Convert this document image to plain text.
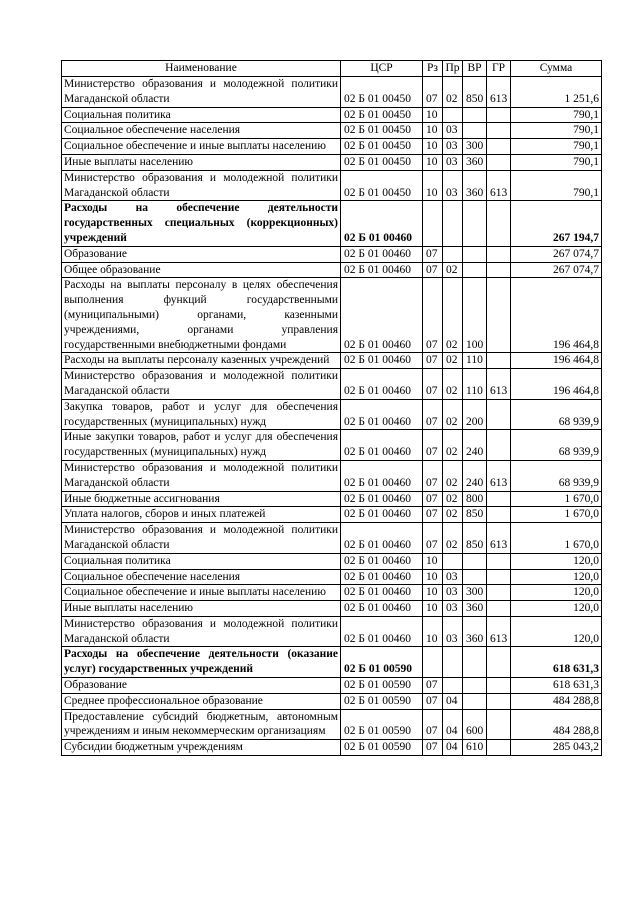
Наименование	ЦСР	Рз	Пр	ВР	ГР	Сумма
Министерство образования и молодежной политики Магаданской области	02 Б 01 00450	07	02	850	613	1 251,6
Социальная политика	02 Б 01 00450	10				790,1
Социальное обеспечение населения	02 Б 01 00450	10	03			790,1
Социальное обеспечение и иные выплаты населению	02 Б 01 00450	10	03	300		790,1
Иные выплаты населению	02 Б 01 00450	10	03	360		790,1
Министерство образования и молодежной политики Магаданской области	02 Б 01 00450	10	03	360	613	790,1
Расходы на обеспечение деятельности государственных специальных (коррекционных) учреждений	02 Б 01 00460					267 194,7
Образование	02 Б 01 00460	07				267 074,7
Общее образование	02 Б 01 00460	07	02			267 074,7
Расходы на выплаты персоналу в целях обеспечения выполнения функций государственными (муниципальными) органами, казенными учреждениями, органами управления государственными внебюджетными фондами	02 Б 01 00460	07	02	100		196 464,8
Расходы на выплаты персоналу казенных учреждений	02 Б 01 00460	07	02	110		196 464,8
Министерство образования и молодежной политики Магаданской области	02 Б 01 00460	07	02	110	613	196 464,8
Закупка товаров, работ и услуг для обеспечения государственных (муниципальных) нужд	02 Б 01 00460	07	02	200		68 939,9
Иные закупки товаров, работ и услуг для обеспечения государственных (муниципальных) нужд	02 Б 01 00460	07	02	240		68 939,9
Министерство образования и молодежной политики Магаданской области	02 Б 01 00460	07	02	240	613	68 939,9
Иные бюджетные ассигнования	02 Б 01 00460	07	02	800		1 670,0
Уплата налогов, сборов и иных платежей	02 Б 01 00460	07	02	850		1 670,0
Министерство образования и молодежной политики Магаданской области	02 Б 01 00460	07	02	850	613	1 670,0
Социальная политика	02 Б 01 00460	10				120,0
Социальное обеспечение населения	02 Б 01 00460	10	03			120,0
Социальное обеспечение и иные выплаты населению	02 Б 01 00460	10	03	300		120,0
Иные выплаты населению	02 Б 01 00460	10	03	360		120,0
Министерство образования и молодежной политики Магаданской области	02 Б 01 00460	10	03	360	613	120,0
Расходы на обеспечение деятельности (оказание услуг) государственных учреждений	02 Б 01 00590					618 631,3
Образование	02 Б 01 00590	07				618 631,3
Среднее профессиональное образование	02 Б 01 00590	07	04			484 288,8
Предоставление субсидий бюджетным, автономным учреждениям и иным некоммерческим организациям	02 Б 01 00590	07	04	600		484 288,8
Субсидии бюджетным учреждениям	02 Б 01 00590	07	04	610		285 043,2
